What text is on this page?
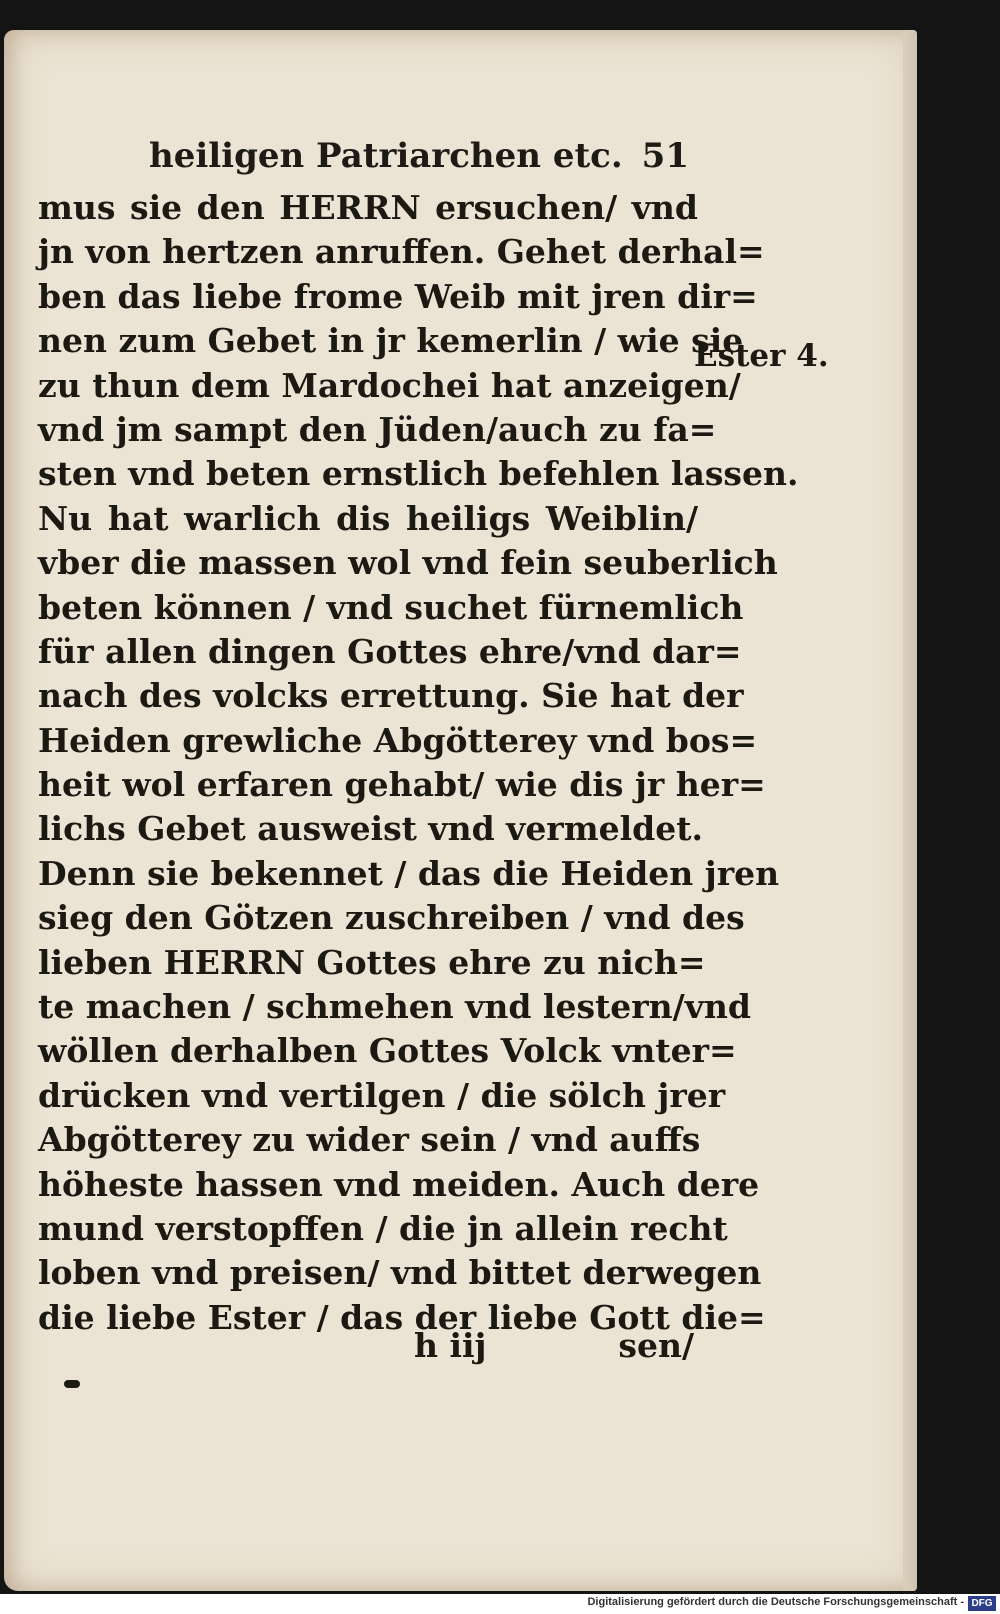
heiligen Patriarchen etc. 51
mus sie den HERRN ersuchen/ vnd
jn von hertzen anruffen. Gehet derhal=
ben das liebe frome Weib mit jren dir=
nen zum Gebet in jr kemerlin / wie sie
zu thun dem Mardochei hat anzeigen/
vnd jm sampt den Jüden/auch zu fa=
sten vnd beten ernstlich befehlen lassen.
Nu hat warlich dis heiligs Weiblin/
vber die massen wol vnd fein seuberlich
beten können / vnd suchet fürnemlich
für allen dingen Gottes ehre/vnd dar=
nach des volcks errettung. Sie hat der
Heiden grewliche Abgötterey vnd bos=
heit wol erfaren gehabt/ wie dis jr her=
lichs Gebet ausweist vnd vermeldet.
Denn sie bekennet / das die Heiden jren
sieg den Götzen zuschreiben / vnd des
lieben HERRN Gottes ehre zu nich=
te machen / schmehen vnd lestern/vnd
wöllen derhalben Gottes Volck vnter=
drücken vnd vertilgen / die sölch jrer
Abgötterey zu wider sein / vnd auffs
höheste hassen vnd meiden. Auch dere
mund verstopffen / die jn allein recht
loben vnd preisen/ vnd bittet derwegen
die liebe Ester / das der liebe Gott die=
Ester 4.
h iij	sen/
Digitalisierung gefördert durch die Deutsche Forschungsgemeinschaft - DFG
